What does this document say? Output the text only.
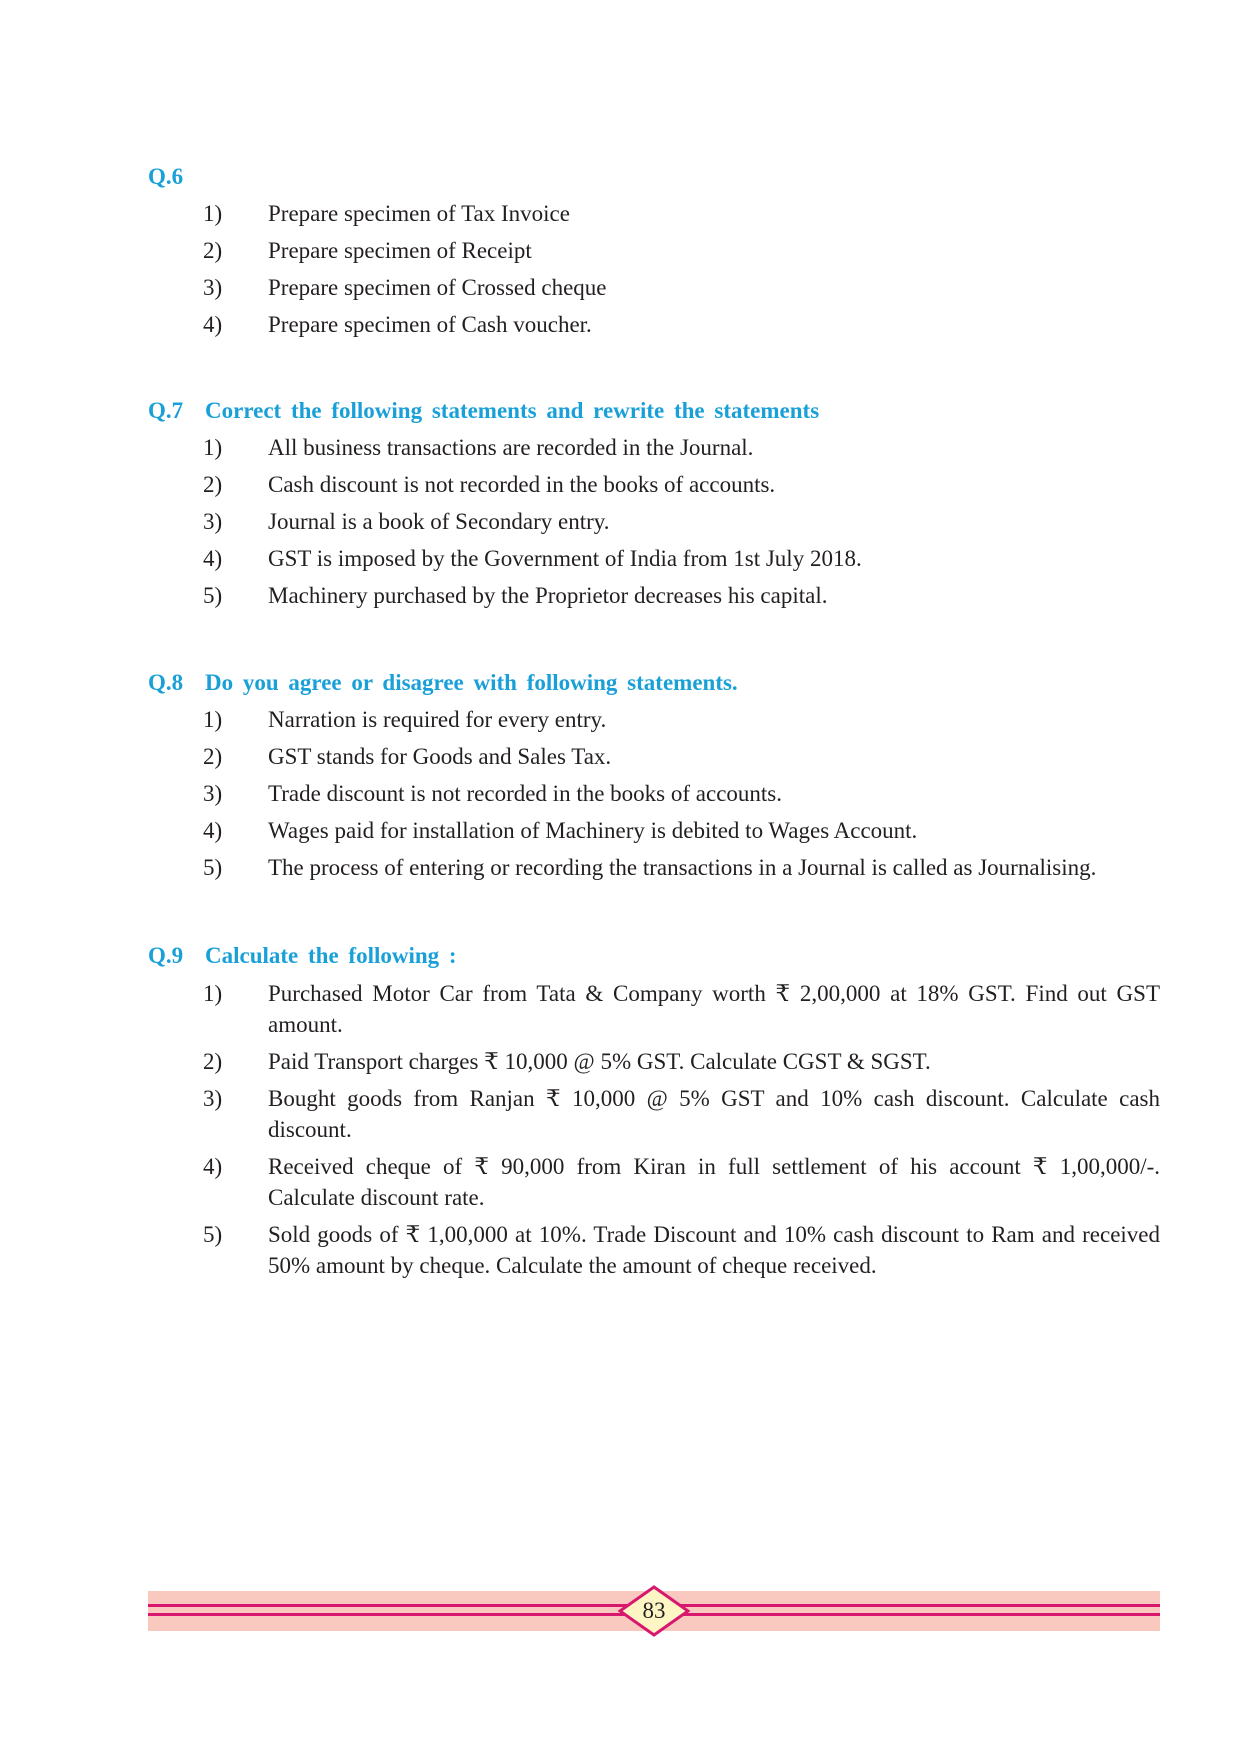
Q.6
1)	Prepare specimen of Tax Invoice
2)	Prepare specimen of Receipt
3)	Prepare specimen of Crossed cheque
4)	Prepare specimen of Cash voucher.
Q.7 Correct the following statements and rewrite the statements
1)	All business transactions are recorded in the Journal.
2)	Cash discount is not recorded in the books of accounts.
3)	Journal is a book of Secondary entry.
4)	GST is imposed by the Government of India from 1st July 2018.
5)	Machinery purchased by the Proprietor decreases his capital.
Q.8 Do you agree or disagree with following statements.
1)	Narration is required for every entry.
2)	GST stands for Goods and Sales Tax.
3)	Trade discount is not recorded in the books of accounts.
4)	Wages paid for installation of Machinery is debited to Wages Account.
5)	The process of entering or recording the transactions in a Journal is called as Journalising.
Q.9 Calculate the following :
1)	Purchased Motor Car from Tata & Company worth ₹ 2,00,000 at 18% GST. Find out GST amount.
2)	Paid Transport charges ₹ 10,000 @ 5% GST. Calculate CGST & SGST.
3)	Bought goods from Ranjan ₹ 10,000 @ 5% GST and 10% cash discount. Calculate cash discount.
4)	Received cheque of ₹ 90,000 from Kiran in full settlement of his account ₹ 1,00,000/-. Calculate discount rate.
5)	Sold goods of ₹ 1,00,000 at 10%. Trade Discount and 10% cash discount to Ram and received 50% amount by cheque. Calculate the amount of cheque received.
83
